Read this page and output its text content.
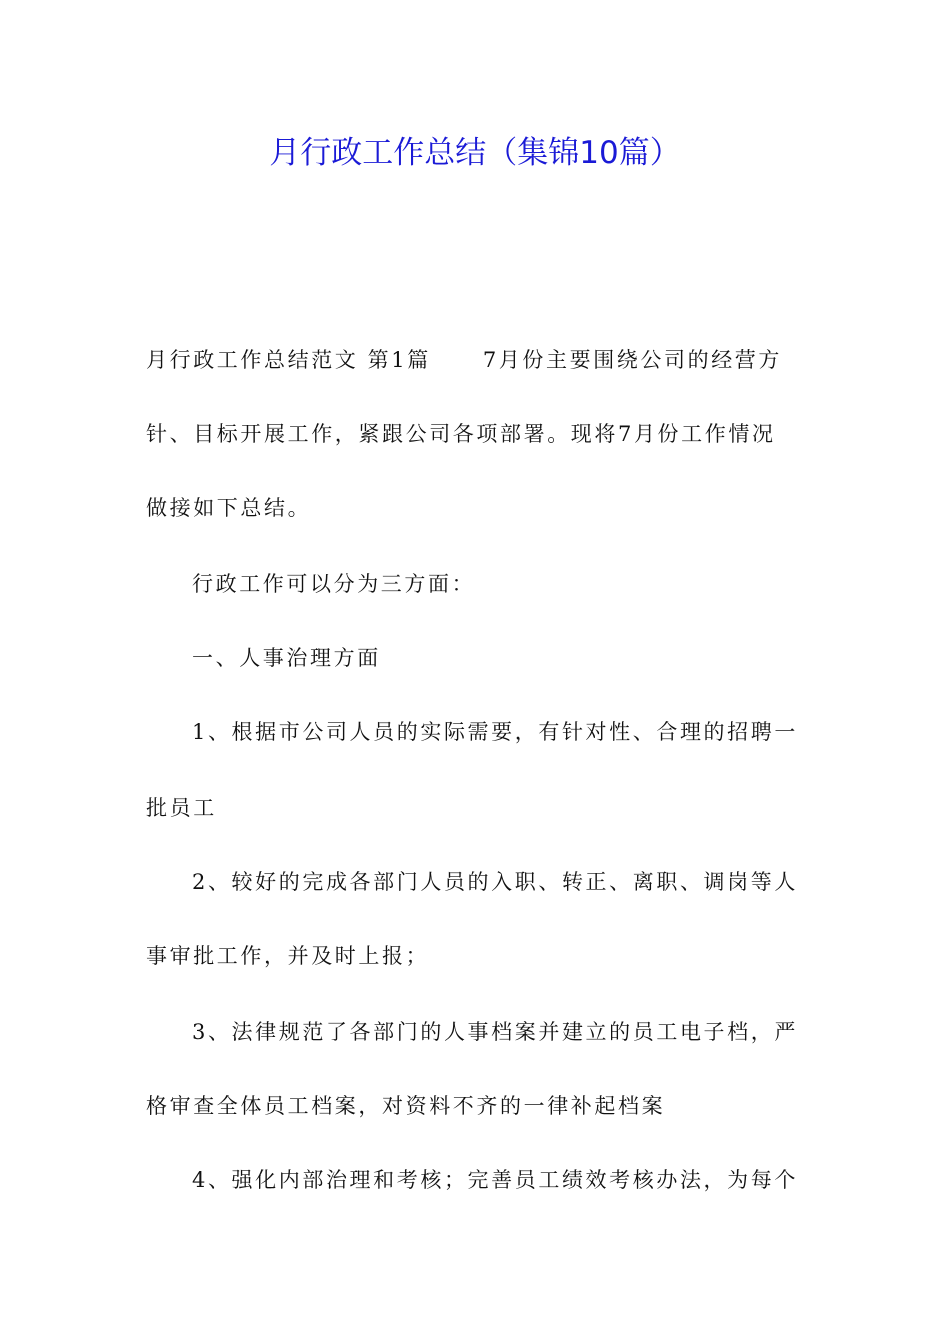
月行政工作总结（集锦10篇）

月行政工作总结范文 第1篇 7月份主要围绕公司的经营方

针、目标开展工作，紧跟公司各项部署。现将7月份工作情况

做接如下总结。

行政工作可以分为三方面：

一、人事治理方面

1、根据市公司人员的实际需要，有针对性、合理的招聘一

批员工

2、较好的完成各部门人员的入职、转正、离职、调岗等人

事审批工作，并及时上报；

3、法律规范了各部门的人事档案并建立的员工电子档，严

格审查全体员工档案，对资料不齐的一律补起档案

4、强化内部治理和考核；完善员工绩效考核办法，为每个
